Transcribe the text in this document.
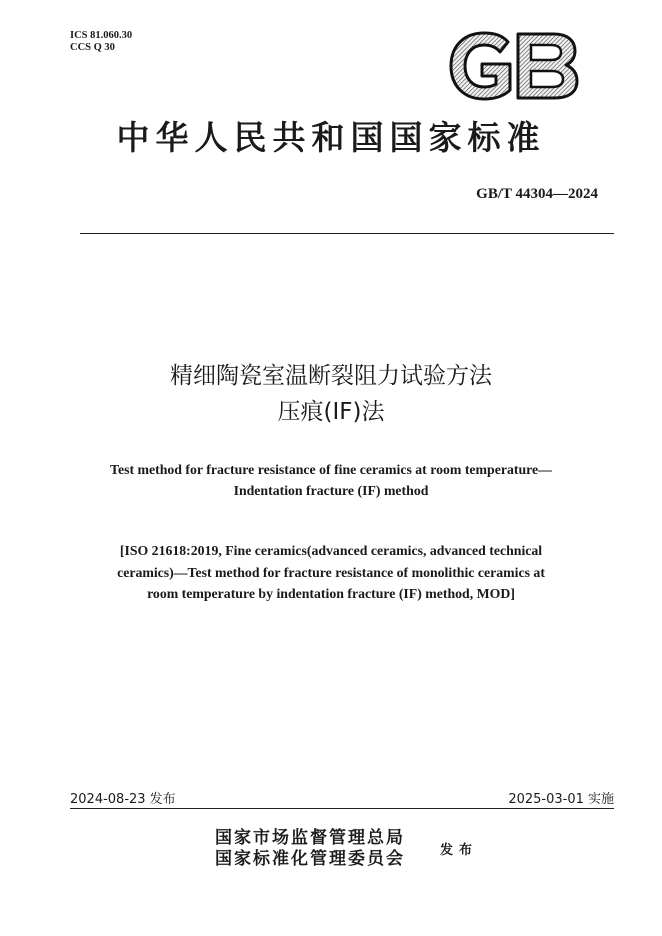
ICS 81.060.30
CCS Q 30
中华人民共和国国家标准
GB/T 44304—2024
精细陶瓷室温断裂阻力试验方法
压痕(IF)法
Test method for fracture resistance of fine ceramics at room temperature—
Indentation fracture (IF) method
[ISO 21618:2019, Fine ceramics(advanced ceramics, advanced technical
ceramics)—Test method for fracture resistance of monolithic ceramics at
room temperature by indentation fracture (IF) method, MOD]
2024-08-23 发布	2025-03-01 实施
国家市场监督管理总局
国家标准化管理委员会	发布
